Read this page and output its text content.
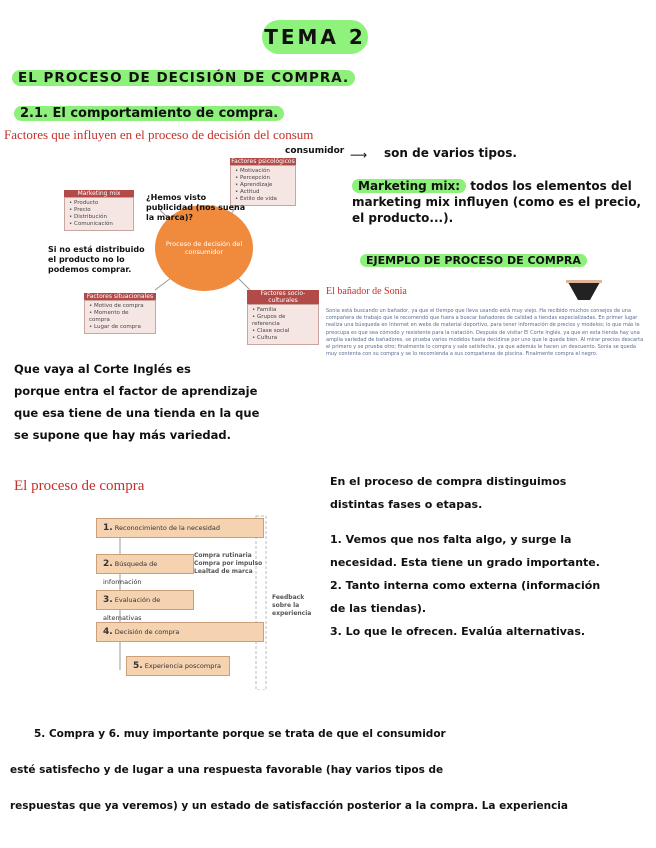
TEMA 2
EL PROCESO DE DECISIÓN DE COMPRA.
2.1. El comportamiento de compra.
Factores que influyen en el proceso de decisión del consum
Marketing mix
• Producto
• Precio
• Distribución
• Comunicación
Factores psicológicos
• Motivación
• Percepción
• Aprendizaje
• Actitud
• Estilo de vida
Proceso de decisión del consumidor
Factores situacionales
• Motivo de compra
• Momento de compra
• Lugar de compra
Factores socio-culturales
• Familia
• Grupos de referencia
• Clase social
• Cultura
¿Hemos visto publicidad (nos suena la marca)?
Si no está distribuido el producto no lo podemos comprar.
consumidor ⟶ son de varios tipos.
Marketing mix: todos los elementos del marketing mix influyen (como es el precio, el producto...).
EJEMPLO DE PROCESO DE COMPRA
El bañador de Sonia
Sonia está buscando un bañador, ya que el tiempo que lleva usando está muy viejo. Ha recibido muchos consejos de una compañera de trabajo que le recomendó que fuera a buscar bañadores de calidad a tiendas especializadas. En primer lugar realiza una búsqueda en Internet en webs de material deportivo, para tener información de precios y modelos; lo que más le preocupa es que sea cómodo y resistente para la natación. Después de visitar El Corte Inglés, ya que en esta tienda hay una amplia variedad de bañadores, se prueba varios modelos hasta decidirse por uno que le queda bien. Al mirar precios descarta el primero y se prueba otro; finalmente lo compra y sale satisfecha, ya que además le hacen un descuento. Sonia se queda muy contenta con su compra y se lo recomienda a sus compañeras de piscina. Finalmente compra el negro.
Que vaya al Corte Inglés es
porque entra el factor de aprendizaje
que esa tiene de una tienda en la que
se supone que hay más variedad.
El proceso de compra
1. Reconocimiento de la necesidad
2. Búsqueda de información
3. Evaluación de alternativas
4. Decisión de compra
5. Experiencia poscompra
Compra rutinaria
Compra por impulso
Lealtad de marca
Feedback sobre la experiencia
En el proceso de compra distinguimos
distintas fases o etapas.
1. Vemos que nos falta algo, y surge la
necesidad. Esta tiene un grado importante.
2. Tanto interna como externa (información
de las tiendas).
3. Lo que le ofrecen. Evalúa alternativas.
5. Compra y 6. muy importante porque se trata de que el consumidor
esté satisfecho y de lugar a una respuesta favorable (hay varios tipos de
respuestas que ya veremos) y un estado de satisfacción posterior a la compra. La experiencia
